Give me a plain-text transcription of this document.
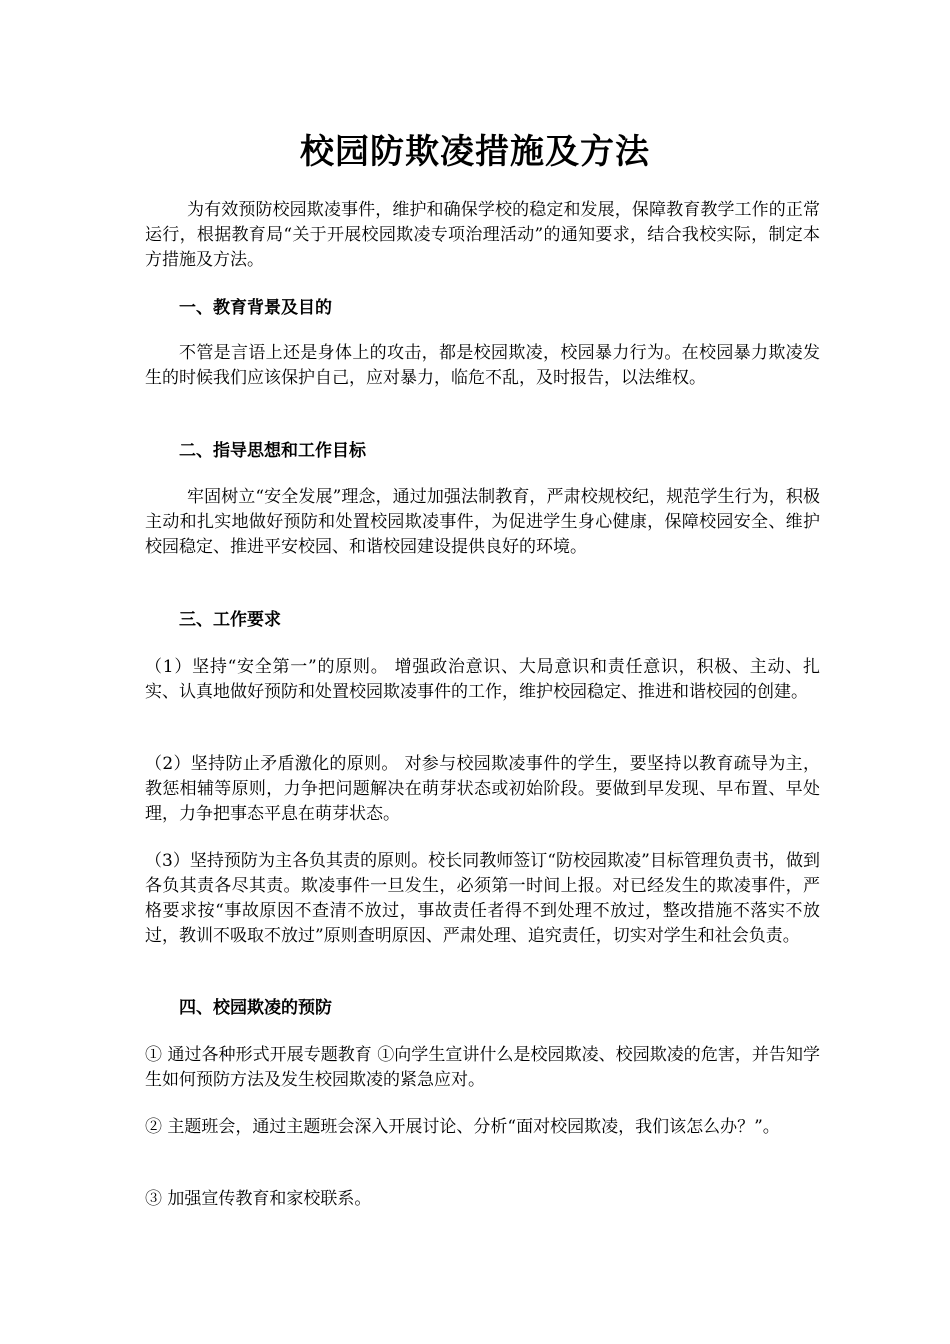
校园防欺凌措施及方法

为有效预防校园欺凌事件，维护和确保学校的稳定和发展，保障教育教学工作的正常运行，根据教育局“关于开展校园欺凌专项治理活动”的通知要求，结合我校实际，制定本方措施及方法。

一、教育背景及目的

不管是言语上还是身体上的攻击，都是校园欺凌，校园暴力行为。在校园暴力欺凌发生的时候我们应该保护自己，应对暴力，临危不乱，及时报告，以法维权。

二、指导思想和工作目标

牢固树立“安全发展”理念，通过加强法制教育，严肃校规校纪，规范学生行为，积极主动和扎实地做好预防和处置校园欺凌事件，为促进学生身心健康，保障校园安全、维护校园稳定、推进平安校园、和谐校园建设提供良好的环境。

三、工作要求

（1）坚持“安全第一”的原则。 增强政治意识、大局意识和责任意识，积极、主动、扎实、认真地做好预防和处置校园欺凌事件的工作，维护校园稳定、推进和谐校园的创建。

（2）坚持防止矛盾激化的原则。 对参与校园欺凌事件的学生，要坚持以教育疏导为主，教惩相辅等原则，力争把问题解决在萌芽状态或初始阶段。要做到早发现、早布置、早处理，力争把事态平息在萌芽状态。

（3）坚持预防为主各负其责的原则。校长同教师签订“防校园欺凌”目标管理负责书，做到各负其责各尽其责。欺凌事件一旦发生，必须第一时间上报。对已经发生的欺凌事件，严格要求按“事故原因不查清不放过，事故责任者得不到处理不放过，整改措施不落实不放过，教训不吸取不放过”原则查明原因、严肃处理、追究责任，切实对学生和社会负责。

四、校园欺凌的预防

① 通过各种形式开展专题教育 ①向学生宣讲什么是校园欺凌、校园欺凌的危害，并告知学生如何预防方法及发生校园欺凌的紧急应对。

② 主题班会，通过主题班会深入开展讨论、分析“面对校园欺凌，我们该怎么办？”。

③ 加强宣传教育和家校联系。
